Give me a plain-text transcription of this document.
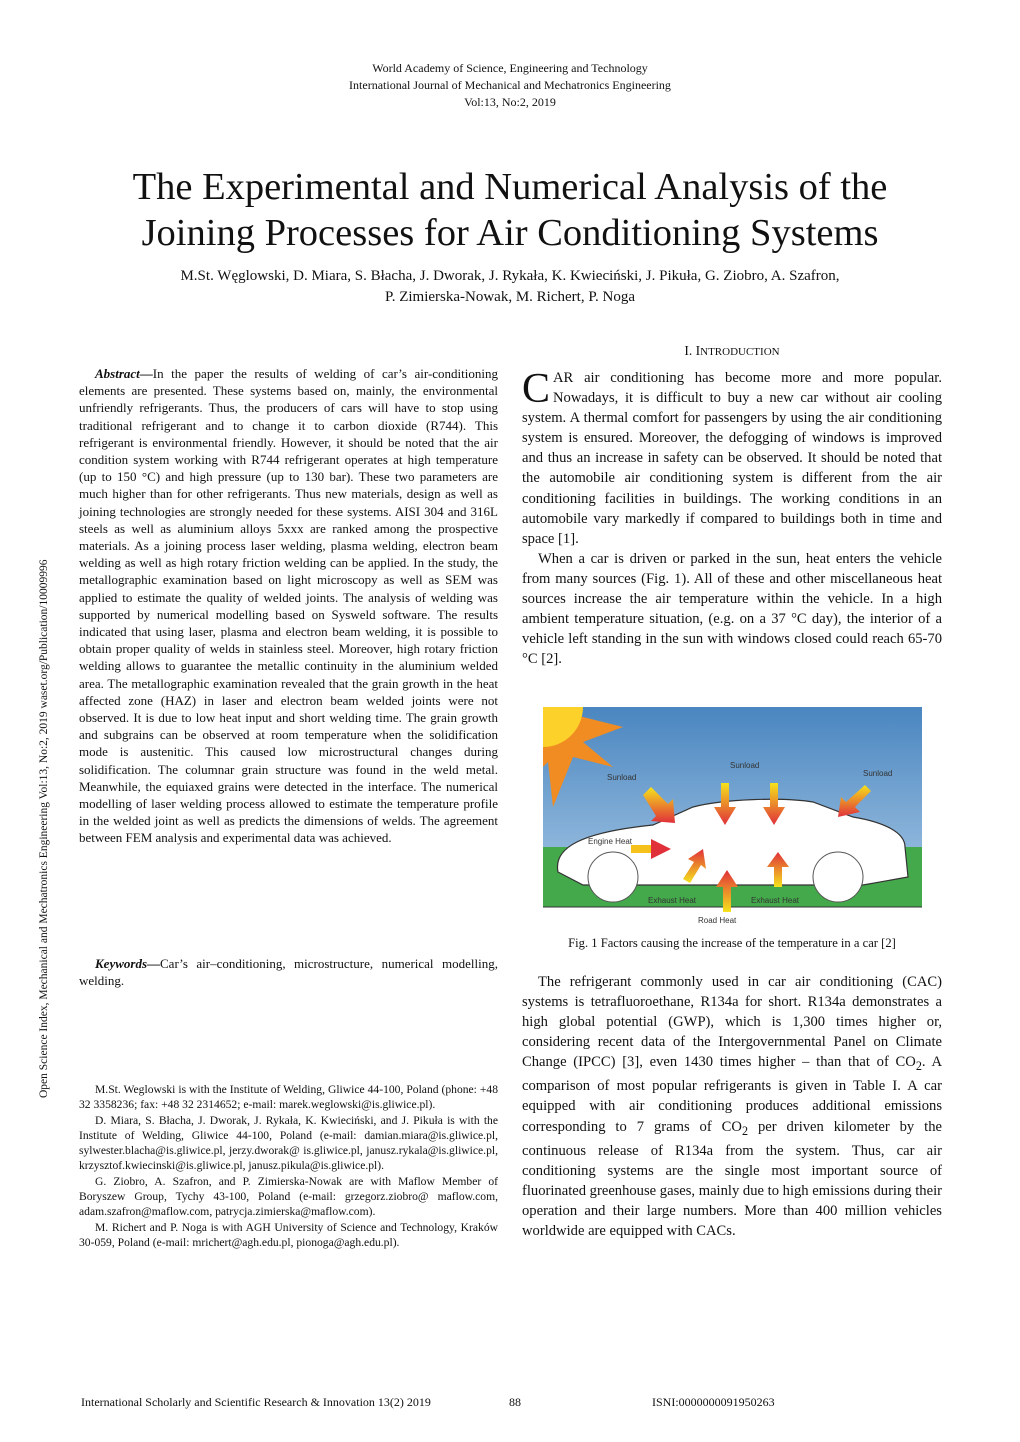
World Academy of Science, Engineering and Technology
International Journal of Mechanical and Mechatronics Engineering
Vol:13, No:2, 2019
The Experimental and Numerical Analysis of the
Joining Processes for Air Conditioning Systems
M.St. Węglowski, D. Miara, S. Błacha, J. Dworak, J. Rykała, K. Kwieciński, J. Pikuła, G. Ziobro, A. Szafron,
P. Zimierska-Nowak, M. Richert, P. Noga
Open Science Index, Mechanical and Mechatronics Engineering Vol:13, No:2, 2019 waset.org/Publication/10009996
Abstract—In the paper the results of welding of car’s air-conditioning elements are presented. These systems based on, mainly, the environmental unfriendly refrigerants. Thus, the producers of cars will have to stop using traditional refrigerant and to change it to carbon dioxide (R744). This refrigerant is environmental friendly. However, it should be noted that the air condition system working with R744 refrigerant operates at high temperature (up to 150 °C) and high pressure (up to 130 bar). These two parameters are much higher than for other refrigerants. Thus new materials, design as well as joining technologies are strongly needed for these systems. AISI 304 and 316L steels as well as aluminium alloys 5xxx are ranked among the prospective materials. As a joining process laser welding, plasma welding, electron beam welding as well as high rotary friction welding can be applied. In the study, the metallographic examination based on light microscopy as well as SEM was applied to estimate the quality of welded joints. The analysis of welding was supported by numerical modelling based on Sysweld software. The results indicated that using laser, plasma and electron beam welding, it is possible to obtain proper quality of welds in stainless steel. Moreover, high rotary friction welding allows to guarantee the metallic continuity in the aluminium welded area. The metallographic examination revealed that the grain growth in the heat affected zone (HAZ) in laser and electron beam welded joints were not observed. It is due to low heat input and short welding time. The grain growth and subgrains can be observed at room temperature when the solidification mode is austenitic. This caused low microstructural changes during solidification. The columnar grain structure was found in the weld metal. Meanwhile, the equiaxed grains were detected in the interface. The numerical modelling of laser welding process allowed to estimate the temperature profile in the welded joint as well as predicts the dimensions of welds. The agreement between FEM analysis and experimental data was achieved.
Keywords—Car’s air–conditioning, microstructure, numerical modelling, welding.

M.St. Weglowski is with the Institute of Welding, Gliwice 44-100, Poland (phone: +48 32 3358236; fax: +48 32 2314652; e-mail: marek.weglowski@is.gliwice.pl).

D. Miara, S. Błacha, J. Dworak, J. Rykała, K. Kwieciński, and J. Pikuła is with the Institute of Welding, Gliwice 44-100, Poland (e-mail: damian.miara@is.gliwice.pl, sylwester.blacha@is.gliwice.pl, jerzy.dworak@ is.gliwice.pl, janusz.rykala@is.gliwice.pl, krzysztof.kwiecinski@is.gliwice.pl, janusz.pikula@is.gliwice.pl).

G. Ziobro, A. Szafron, and P. Zimierska-Nowak are with Maflow Member of Boryszew Group, Tychy 43-100, Poland (e-mail: grzegorz.ziobro@ maflow.com, adam.szafron@maflow.com, patrycja.zimierska@maflow.com).

M. Richert and P. Noga is with AGH University of Science and Technology, Kraków 30-059, Poland (e-mail: mrichert@agh.edu.pl, pionoga@agh.edu.pl).

I. INTRODUCTION

CAR air conditioning has become more and more popular. Nowadays, it is difficult to buy a new car without air cooling system. A thermal comfort for passengers by using the air conditioning system is ensured. Moreover, the defogging of windows is improved and thus an increase in safety can be observed. It should be noted that the automobile air conditioning system is different from the air conditioning facilities in buildings. The working conditions in an automobile vary markedly if compared to buildings both in time and space [1].

When a car is driven or parked in the sun, heat enters the vehicle from many sources (Fig. 1). All of these and other miscellaneous heat sources increase the air temperature within the vehicle. In a high ambient temperature situation, (e.g. on a 37 °C day), the interior of a vehicle left standing in the sun with windows closed could reach 65-70 °C [2].

Sunload
Sunload
Sunload
Engine Heat
Exhaust Heat	Exhaust Heat
Road Heat
Fig. 1 Factors causing the increase of the temperature in a car [2]

The refrigerant commonly used in car air conditioning (CAC) systems is tetrafluoroethane, R134a for short. R134a demonstrates a high global potential (GWP), which is 1,300 times higher or, considering recent data of the Intergovernmental Panel on Climate Change (IPCC) [3], even 1430 times higher – than that of $CO_2$. A comparison of most popular refrigerants is given in Table I. A car equipped with air conditioning produces additional emissions corresponding to 7 grams of $CO_2$ per driven kilometer by the continuous release of R134a from the system. Thus, car air conditioning systems are the single most important source of fluorinated greenhouse gases, mainly due to high emissions during their operation and their large numbers. More than 400 million vehicles worldwide are equipped with CACs.

International Scholarly and Scientific Research & Innovation 13(2) 2019	88	ISNI:0000000091950263
